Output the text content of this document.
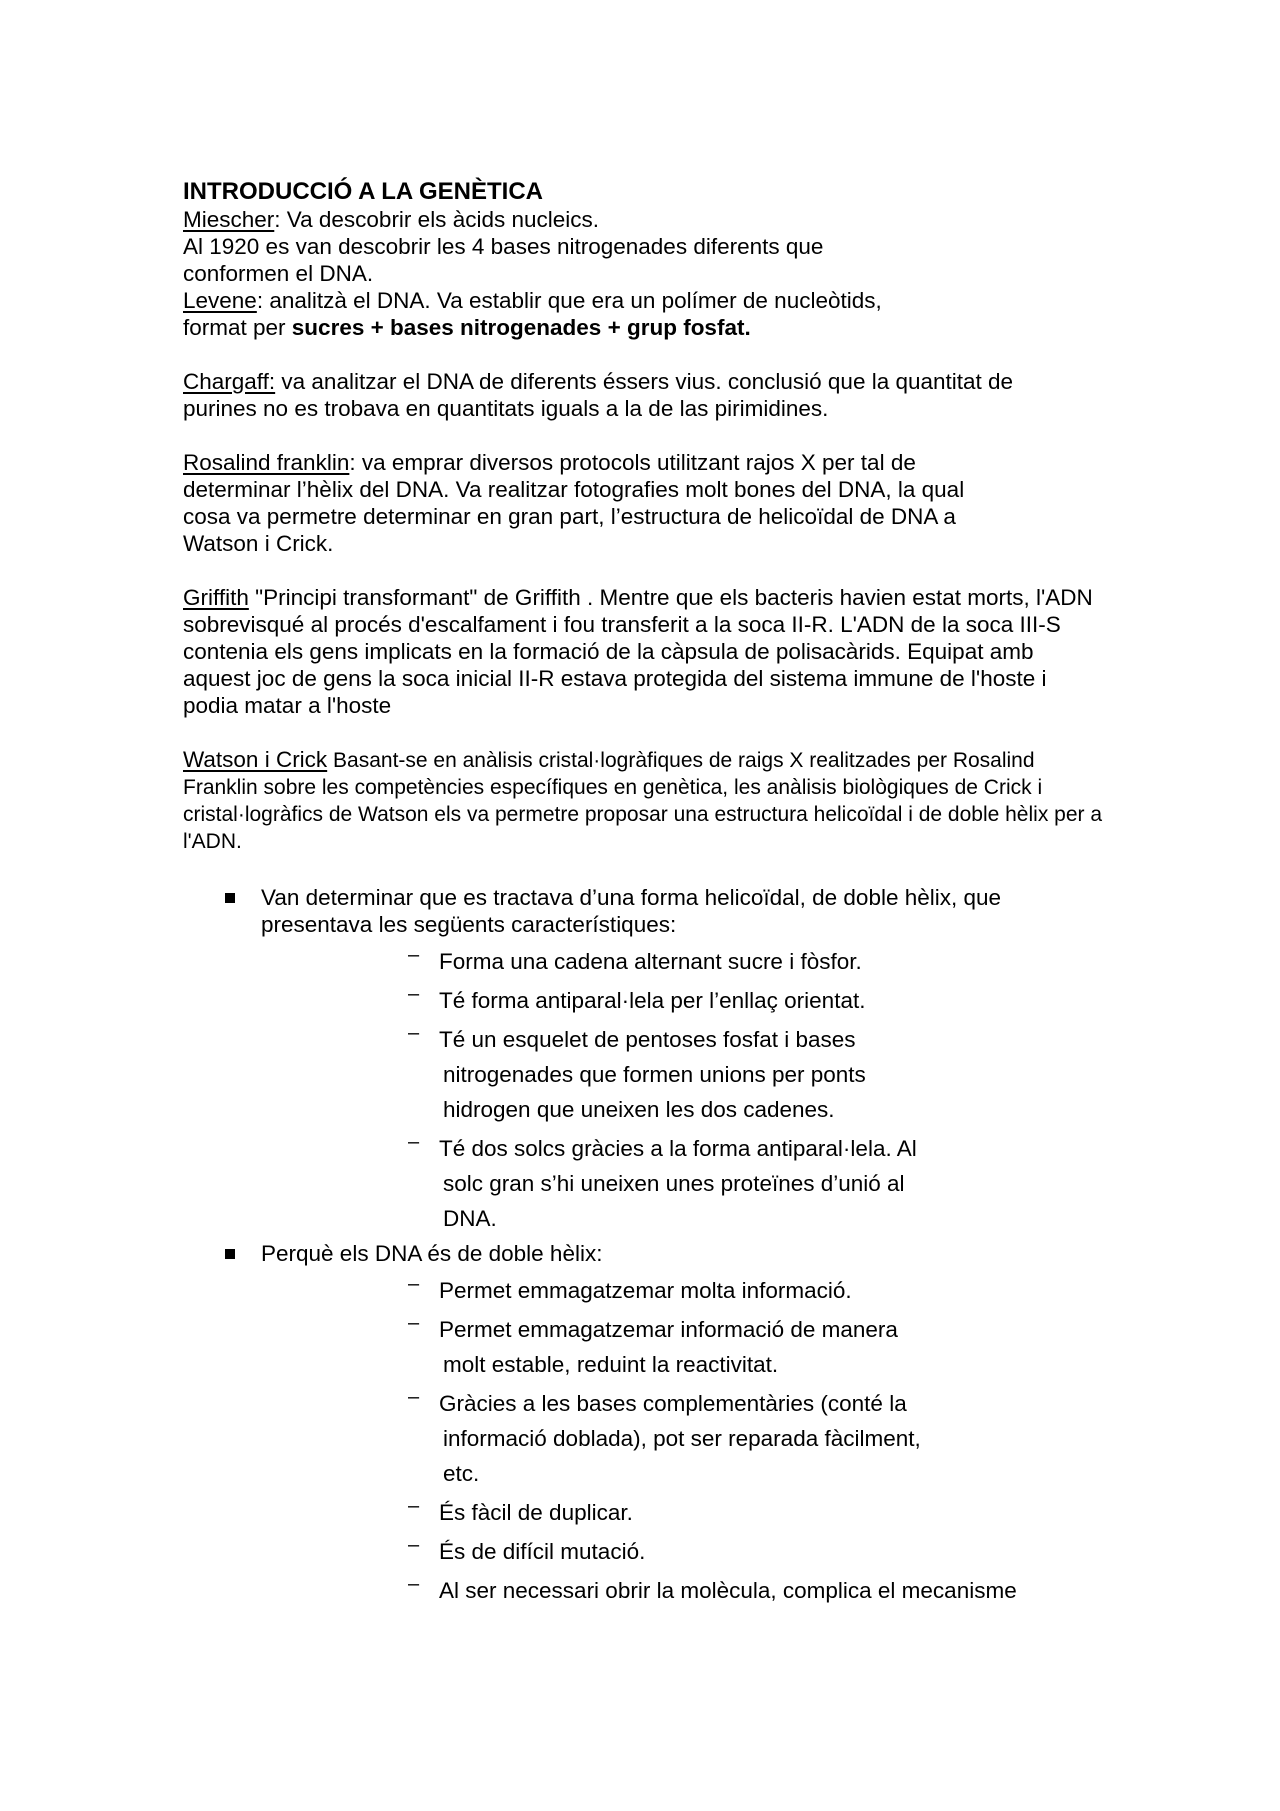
INTRODUCCIÓ A LA GENÈTICA

Miescher: Va descobrir els àcids nucleics.

Al 1920 es van descobrir les 4 bases nitrogenades diferents que conformen el DNA.

Levene: analitzà el DNA. Va establir que era un polímer de nucleòtids, format per sucres + bases nitrogenades + grup fosfat.

Chargaff: va analitzar el DNA de diferents éssers vius. conclusió que la quantitat de purines no es trobava en quantitats iguals a la de las pirimidines.

Rosalind franklin: va emprar diversos protocols utilitzant rajos X per tal de determinar l’hèlix del DNA. Va realitzar fotografies molt bones del DNA, la qual cosa va permetre determinar en gran part, l’estructura de helicoïdal de DNA a Watson i Crick.

Griffith "Principi transformant" de Griffith . Mentre que els bacteris havien estat morts, l'ADN sobrevisqué al procés d'escalfament i fou transferit a la soca II-R. L'ADN de la soca III-S contenia els gens implicats en la formació de la càpsula de polisacàrids. Equipat amb aquest joc de gens la soca inicial II-R estava protegida del sistema immune de l'hoste i podia matar a l'hoste

Watson i Crick Basant-se en anàlisis cristal·logràfiques de raigs X realitzades per Rosalind Franklin sobre les competències específiques en genètica, les anàlisis biològiques de Crick i cristal·logràfics de Watson els va permetre proposar una estructura helicoïdal i de doble hèlix per a l'ADN.

Van determinar que es tractava d’una forma helicoïdal, de doble hèlix, que presentava les següents característiques:
– Forma una cadena alternant sucre i fòsfor.
– Té forma antiparal·lela per l’enllaç orientat.
– Té un esquelet de pentoses fosfat i bases
nitrogenades que formen unions per ponts hidrogen que uneixen les dos cadenes.
– Té dos solcs gràcies a la forma antiparal·lela. Al
solc gran s’hi uneixen unes proteïnes d’unió al DNA.
Perquè els DNA és de doble hèlix:
– Permet emmagatzemar molta informació.
– Permet emmagatzemar informació de manera
molt estable, reduint la reactivitat.
– Gràcies a les bases complementàries (conté la
informació doblada), pot ser reparada fàcilment, etc.
– És fàcil de duplicar.
– És de difícil mutació.
– Al ser necessari obrir la molècula, complica el mecanisme
